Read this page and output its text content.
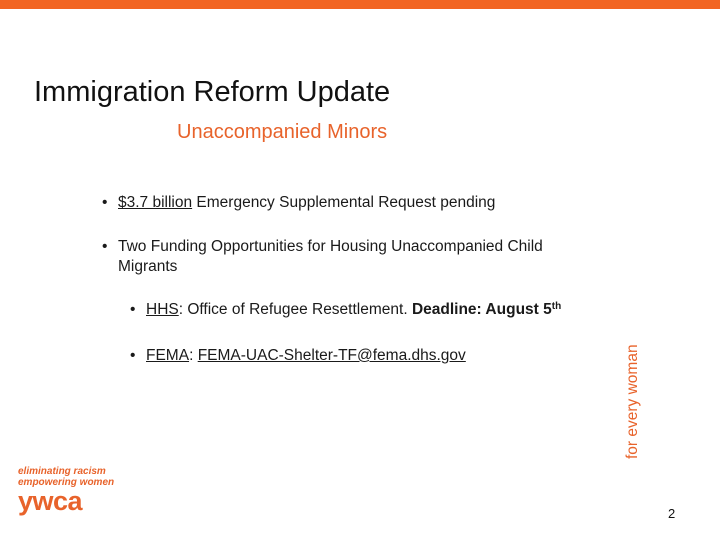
Immigration Reform Update
Unaccompanied Minors
• $3.7 billion Emergency Supplemental Request pending
• Two Funding Opportunities for Housing Unaccompanied Child
Migrants
• HHS: Office of Refugee Resettlement. Deadline: August 5th
• FEMA: FEMA-UAC-Shelter-TF@fema.dhs.gov	for every woman
eliminating racism
empowering women
ywca	2
